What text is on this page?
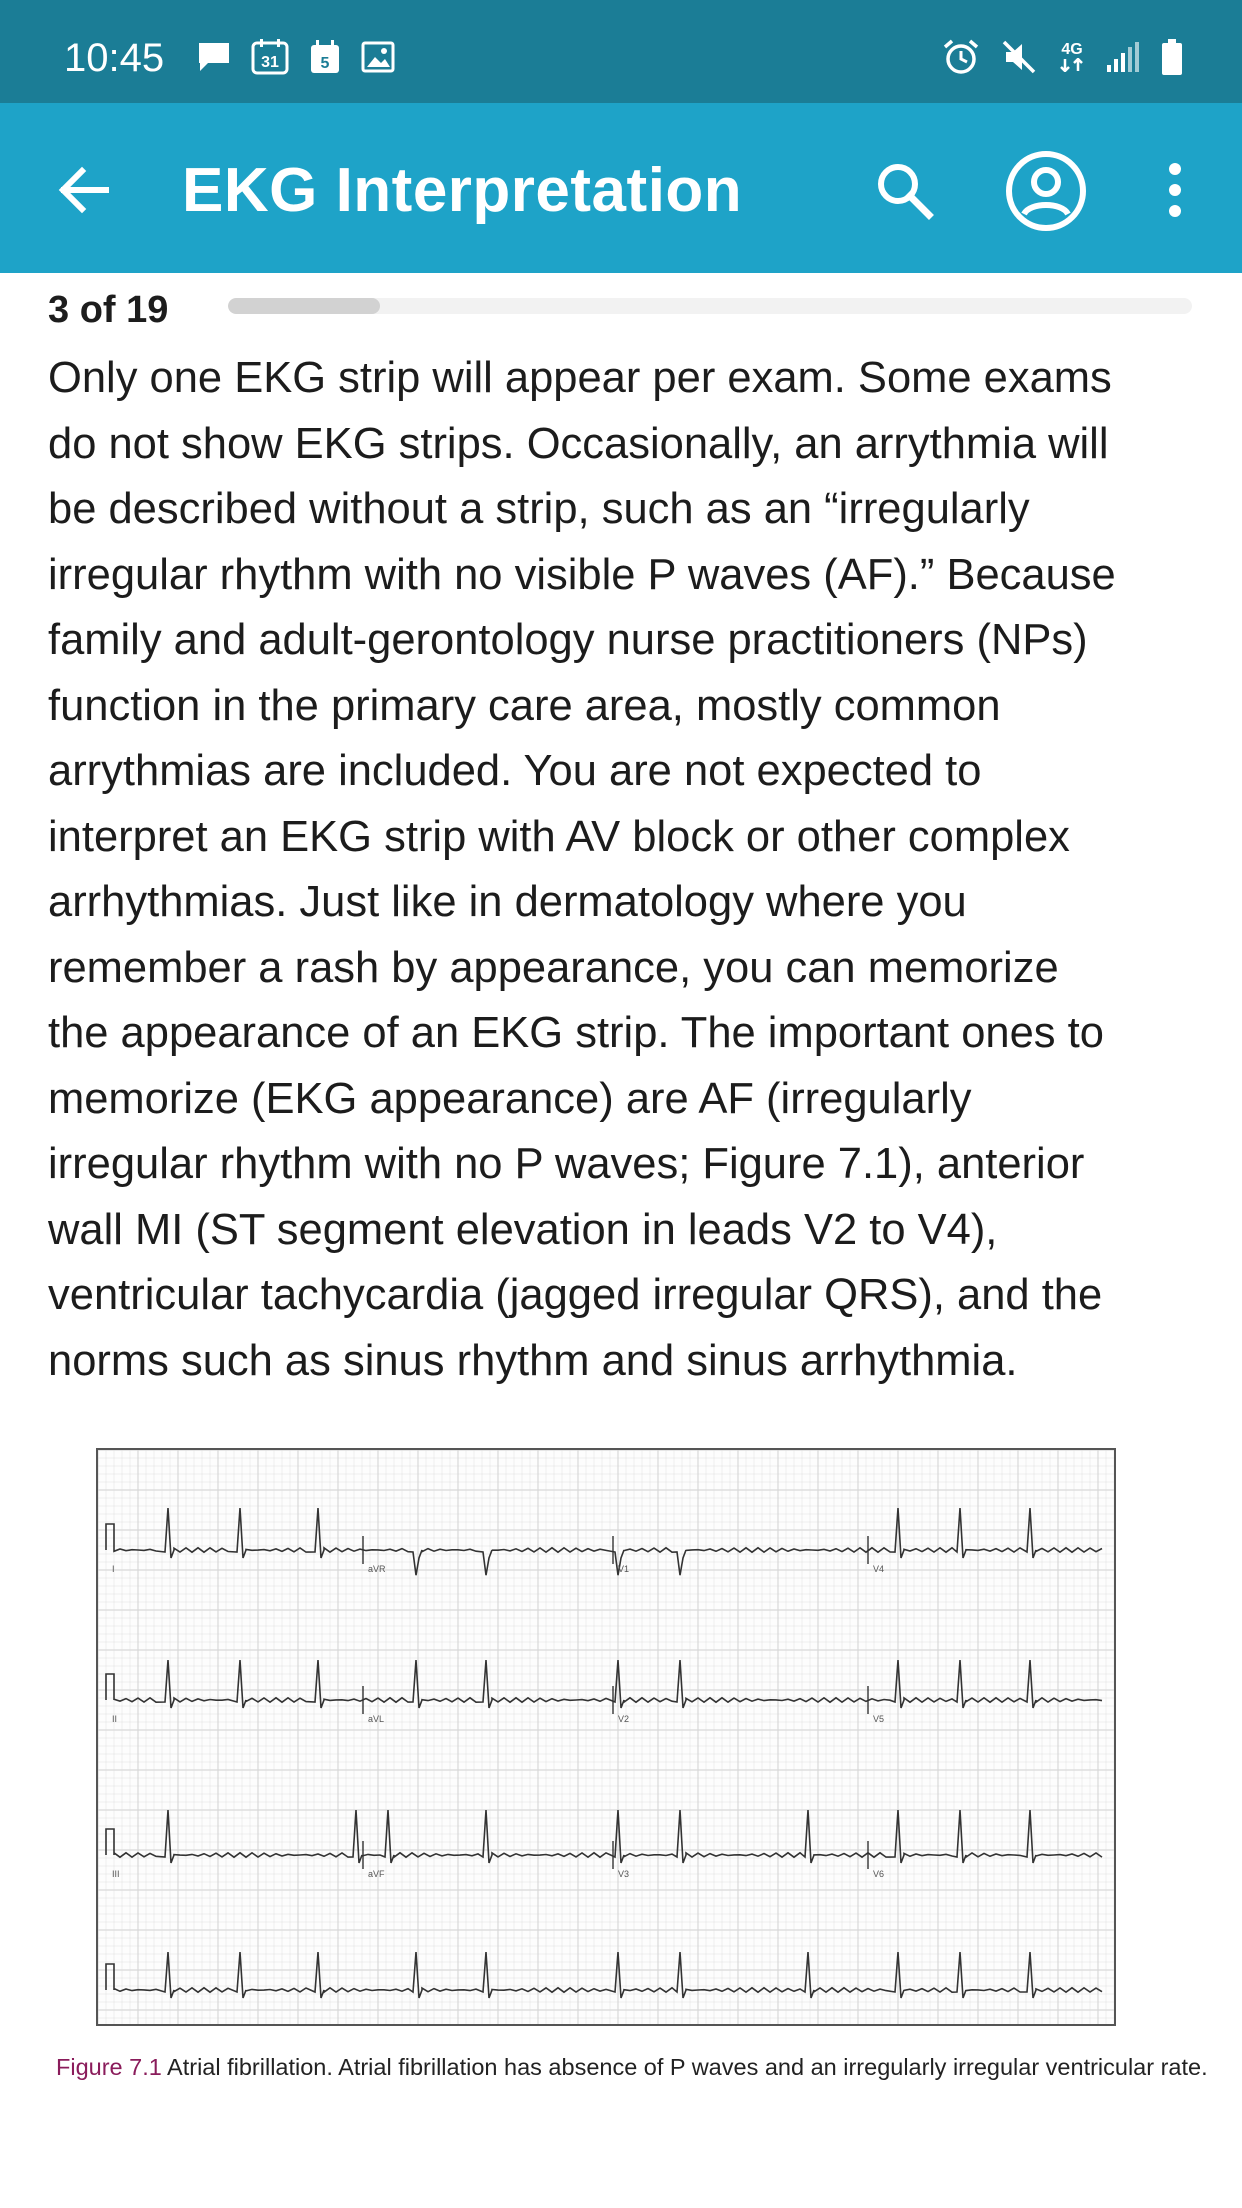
10:45	31	5
4G
EKG Interpretation
3 of 19
Only one EKG strip will appear per exam. Some exams
do not show EKG strips. Occasionally, an arrythmia will
be described without a strip, such as an “irregularly
irregular rhythm with no visible P waves (AF).” Because
family and adult-gerontology nurse practitioners (NPs)
function in the primary care area, mostly common
arrythmias are included. You are not expected to
interpret an EKG strip with AV block or other complex
arrhythmias. Just like in dermatology where you
remember a rash by appearance, you can memorize
the appearance of an EKG strip. The important ones to
memorize (EKG appearance) are AF (irregularly
irregular rhythm with no P waves; Figure 7.1), anterior
wall MI (ST segment elevation in leads V2 to V4),
ventricular tachycardia (jagged irregular QRS), and the
norms such as sinus rhythm and sinus arrhythmia.
I	aVR	V1	V4
II	aVL	V2	V5
III	aVF	V3	V6
Figure 7.1 Atrial fibrillation. Atrial fibrillation has absence of P waves and an irregularly irregular ventricular rate.
